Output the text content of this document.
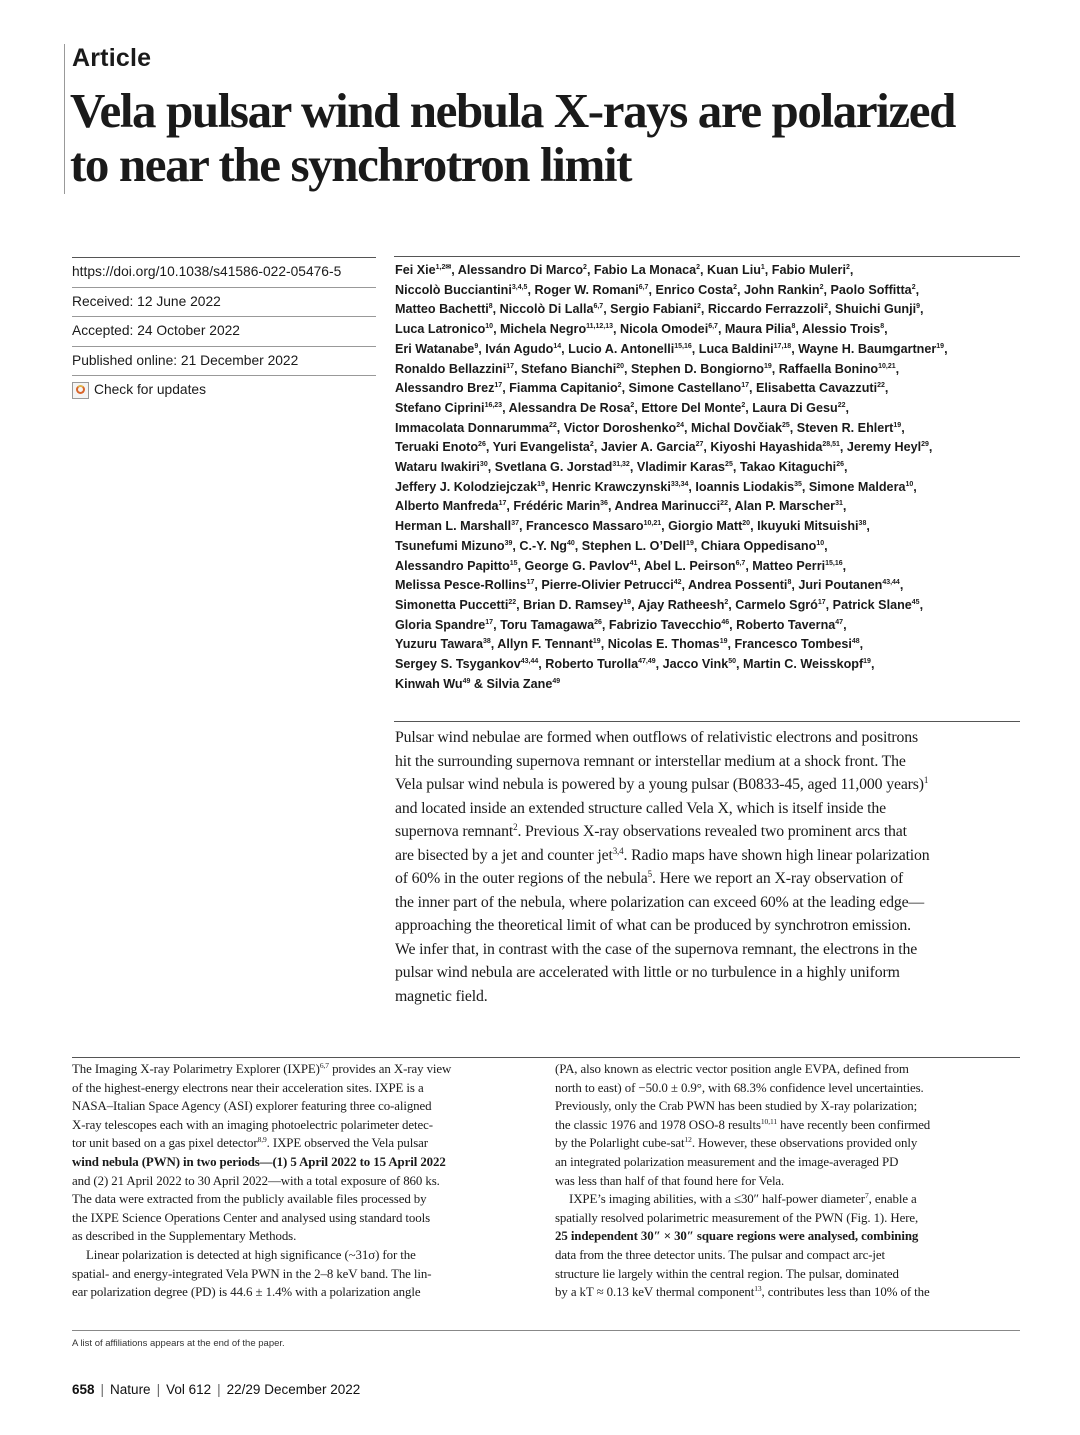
Article
Vela pulsar wind nebula X-rays are polarized
to near the synchrotron limit
https://doi.org/10.1038/s41586-022-05476-5
Received: 12 June 2022
Accepted: 24 October 2022
Published online: 21 December 2022
Check for updates
Fei Xie$^{1,2✉}$, Alessandro Di Marco$^2$, Fabio La Monaca$^2$, Kuan Liu$^1$, Fabio Muleri$^2$,
Niccolò Bucciantini$^{3,4,5}$, Roger W. Romani$^{6,7}$, Enrico Costa$^2$, John Rankin$^2$, Paolo Soffitta$^2$,
Matteo Bachetti$^8$, Niccolò Di Lalla$^{6,7}$, Sergio Fabiani$^2$, Riccardo Ferrazzoli$^2$, Shuichi Gunji$^9$,
Luca Latronico$^{10}$, Michela Negro$^{11,12,13}$, Nicola Omodei$^{6,7}$, Maura Pilia$^8$, Alessio Trois$^8$,
Eri Watanabe$^9$, Iván Agudo$^{14}$, Lucio A. Antonelli$^{15,16}$, Luca Baldini$^{17,18}$, Wayne H. Baumgartner$^{19}$,
Ronaldo Bellazzini$^{17}$, Stefano Bianchi$^{20}$, Stephen D. Bongiorno$^{19}$, Raffaella Bonino$^{10,21}$,
Alessandro Brez$^{17}$, Fiamma Capitanio$^2$, Simone Castellano$^{17}$, Elisabetta Cavazzuti$^{22}$,
Stefano Ciprini$^{16,23}$, Alessandra De Rosa$^2$, Ettore Del Monte$^2$, Laura Di Gesu$^{22}$,
Immacolata Donnarumma$^{22}$, Victor Doroshenko$^{24}$, Michal Dovčiak$^{25}$, Steven R. Ehlert$^{19}$,
Teruaki Enoto$^{26}$, Yuri Evangelista$^2$, Javier A. Garcia$^{27}$, Kiyoshi Hayashida$^{28,51}$, Jeremy Heyl$^{29}$,
Wataru Iwakiri$^{30}$, Svetlana G. Jorstad$^{31,32}$, Vladimir Karas$^{25}$, Takao Kitaguchi$^{26}$,
Jeffery J. Kolodziejczak$^{19}$, Henric Krawczynski$^{33,34}$, Ioannis Liodakis$^{35}$, Simone Maldera$^{10}$,
Alberto Manfreda$^{17}$, Frédéric Marin$^{36}$, Andrea Marinucci$^{22}$, Alan P. Marscher$^{31}$,
Herman L. Marshall$^{37}$, Francesco Massaro$^{10,21}$, Giorgio Matt$^{20}$, Ikuyuki Mitsuishi$^{38}$,
Tsunefumi Mizuno$^{39}$, C.-Y. Ng$^{40}$, Stephen L. O’Dell$^{19}$, Chiara Oppedisano$^{10}$,
Alessandro Papitto$^{15}$, George G. Pavlov$^{41}$, Abel L. Peirson$^{6,7}$, Matteo Perri$^{15,16}$,
Melissa Pesce-Rollins$^{17}$, Pierre-Olivier Petrucci$^{42}$, Andrea Possenti$^8$, Juri Poutanen$^{43,44}$,
Simonetta Puccetti$^{22}$, Brian D. Ramsey$^{19}$, Ajay Ratheesh$^2$, Carmelo Sgró$^{17}$, Patrick Slane$^{45}$,
Gloria Spandre$^{17}$, Toru Tamagawa$^{26}$, Fabrizio Tavecchio$^{46}$, Roberto Taverna$^{47}$,
Yuzuru Tawara$^{38}$, Allyn F. Tennant$^{19}$, Nicolas E. Thomas$^{19}$, Francesco Tombesi$^{48}$,
Sergey S. Tsygankov$^{43,44}$, Roberto Turolla$^{47,49}$, Jacco Vink$^{50}$, Martin C. Weisskopf$^{19}$,
Kinwah Wu$^{49}$ & Silvia Zane$^{49}$
Pulsar wind nebulae are formed when outflows of relativistic electrons and positrons
hit the surrounding supernova remnant or interstellar medium at a shock front. The
Vela pulsar wind nebula is powered by a young pulsar (B0833-45, aged 11,000 years)$^1$
and located inside an extended structure called Vela X, which is itself inside the
supernova remnant$^2$. Previous X-ray observations revealed two prominent arcs that
are bisected by a jet and counter jet$^{3,4}$. Radio maps have shown high linear polarization
of 60% in the outer regions of the nebula$^5$. Here we report an X-ray observation of
the inner part of the nebula, where polarization can exceed 60% at the leading edge—
approaching the theoretical limit of what can be produced by synchrotron emission.
We infer that, in contrast with the case of the supernova remnant, the electrons in the
pulsar wind nebula are accelerated with little or no turbulence in a highly uniform
magnetic field.
The Imaging X-ray Polarimetry Explorer (IXPE)$^{6,7}$ provides an X-ray view
of the highest-energy electrons near their acceleration sites. IXPE is a
NASA–Italian Space Agency (ASI) explorer featuring three co-aligned
X-ray telescopes each with an imaging photoelectric polarimeter detec-
tor unit based on a gas pixel detector$^{8,9}$. IXPE observed the Vela pulsar
wind nebula (PWN) in two periods—(1) 5 April 2022 to 15 April 2022
and (2) 21 April 2022 to 30 April 2022—with a total exposure of 860 ks.
The data were extracted from the publicly available files processed by
the IXPE Science Operations Center and analysed using standard tools
as described in the Supplementary Methods.
Linear polarization is detected at high significance (~31σ) for the
spatial- and energy-integrated Vela PWN in the 2–8 keV band. The lin-
ear polarization degree (PD) is 44.6 ± 1.4% with a polarization angle
(PA, also known as electric vector position angle EVPA, defined from
north to east) of −50.0 ± 0.9°, with 68.3% confidence level uncertainties.
Previously, only the Crab PWN has been studied by X-ray polarization;
the classic 1976 and 1978 OSO-8 results$^{10,11}$ have recently been confirmed
by the Polarlight cube-sat$^{12}$. However, these observations provided only
an integrated polarization measurement and the image-averaged PD
was less than half of that found here for Vela.
IXPE’s imaging abilities, with a ≤30″ half-power diameter$^7$, enable a
spatially resolved polarimetric measurement of the PWN (Fig. 1). Here,
25 independent 30″ × 30″ square regions were analysed, combining
data from the three detector units. The pulsar and compact arc-jet
structure lie largely within the central region. The pulsar, dominated
by a kT ≈ 0.13 keV thermal component$^{13}$, contributes less than 10% of the
A list of affiliations appears at the end of the paper.
658 | Nature | Vol 612 | 22/29 December 2022
